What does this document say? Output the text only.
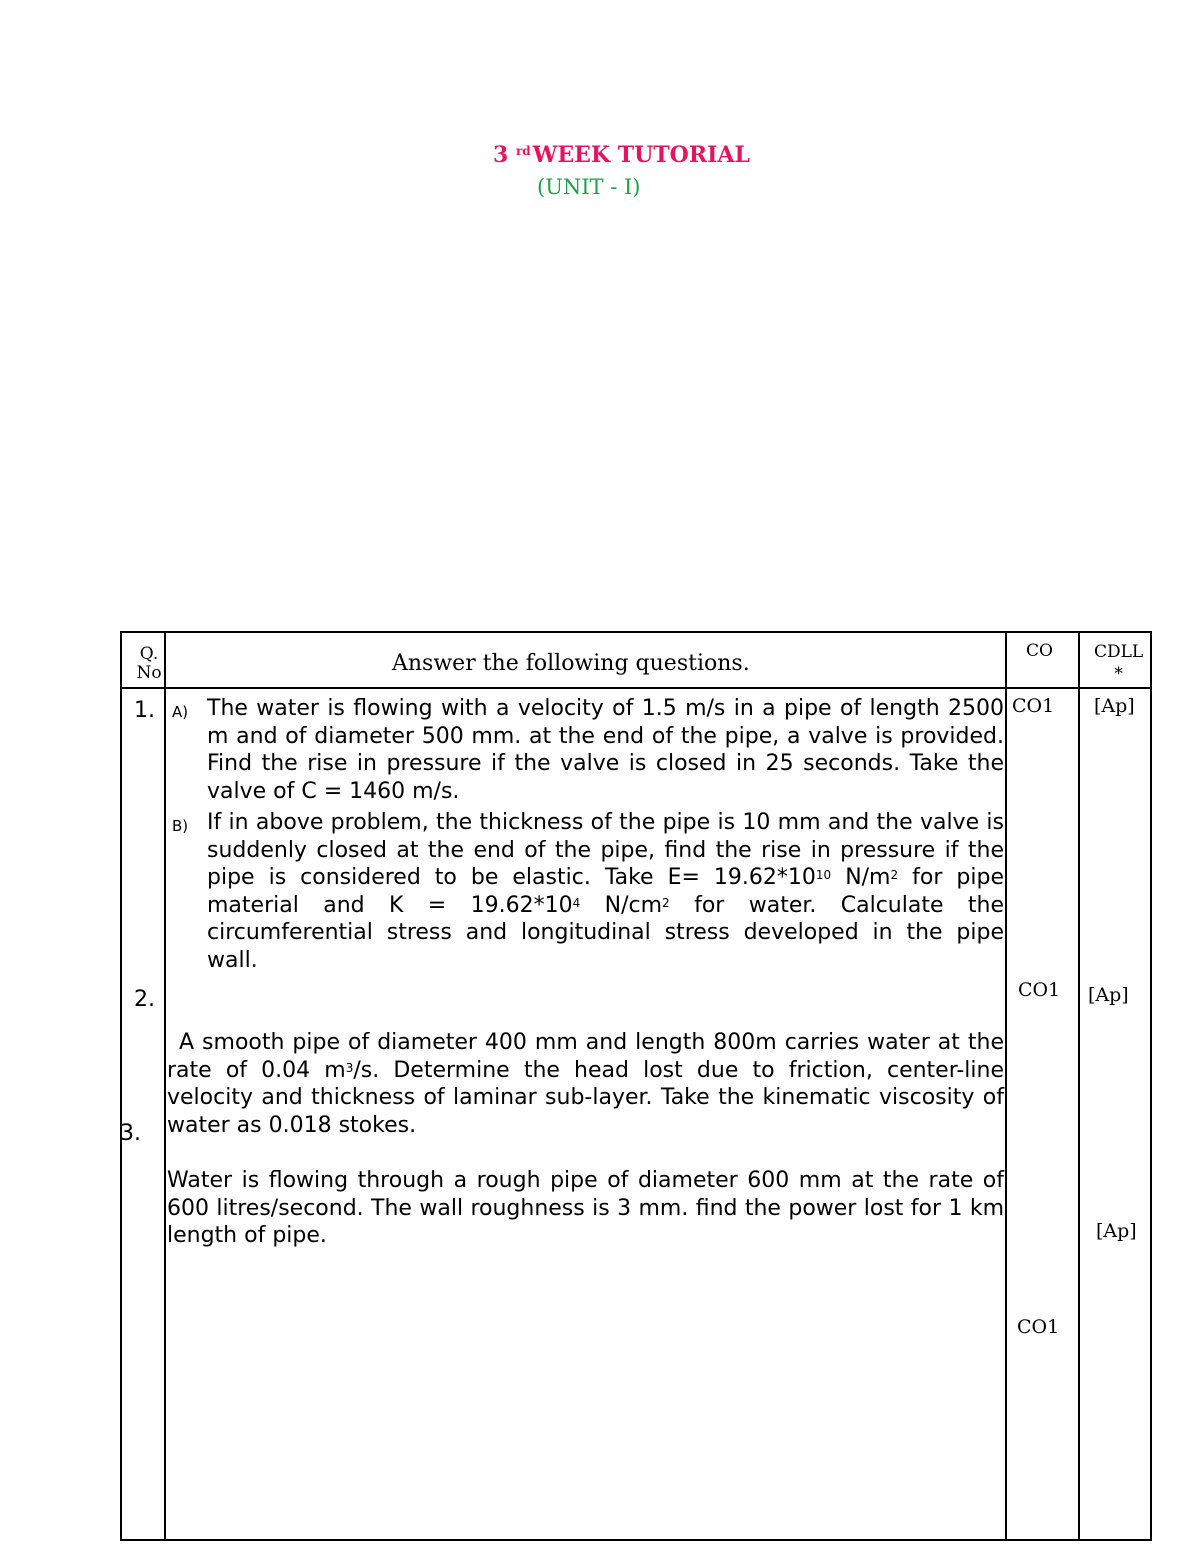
3 $^{rd}$WEEK TUTORIAL
(UNIT - I)
Q.
No	Answer the following questions.	CO CDLL
*
1.
2.
3.
A) The water is flowing with a velocity of 1.5 m/s in a pipe of length 2500 m and of diameter 500 mm. at the end of the pipe, a valve is provided. Find the rise in pressure if the valve is closed in 25 seconds. Take the valve of C = 1460 m/s.
B) If in above problem, the thickness of the pipe is 10 mm and the valve is suddenly closed at the end of the pipe, find the rise in pressure if the pipe is considered to be elastic. Take $E= 19.62*10^{10}$ $N/m^2$ for pipe material and $K = 19.62*10^4$ $N/cm^2$ for water. Calculate the circumferential stress and longitudinal stress developed in the pipe wall.
A smooth pipe of diameter 400 mm and length 800m carries water at the rate of 0.04 $m^3/s$. Determine the head lost due to friction, center-line velocity and thickness of laminar sub-layer. Take the kinematic viscosity of water as 0.018 stokes.
Water is flowing through a rough pipe of diameter 600 mm at the rate of 600 litres/second. The wall roughness is 3 mm. find the power lost for 1 km length of pipe.
CO1
CO1
CO1
[Ap]
[Ap]
[Ap]
